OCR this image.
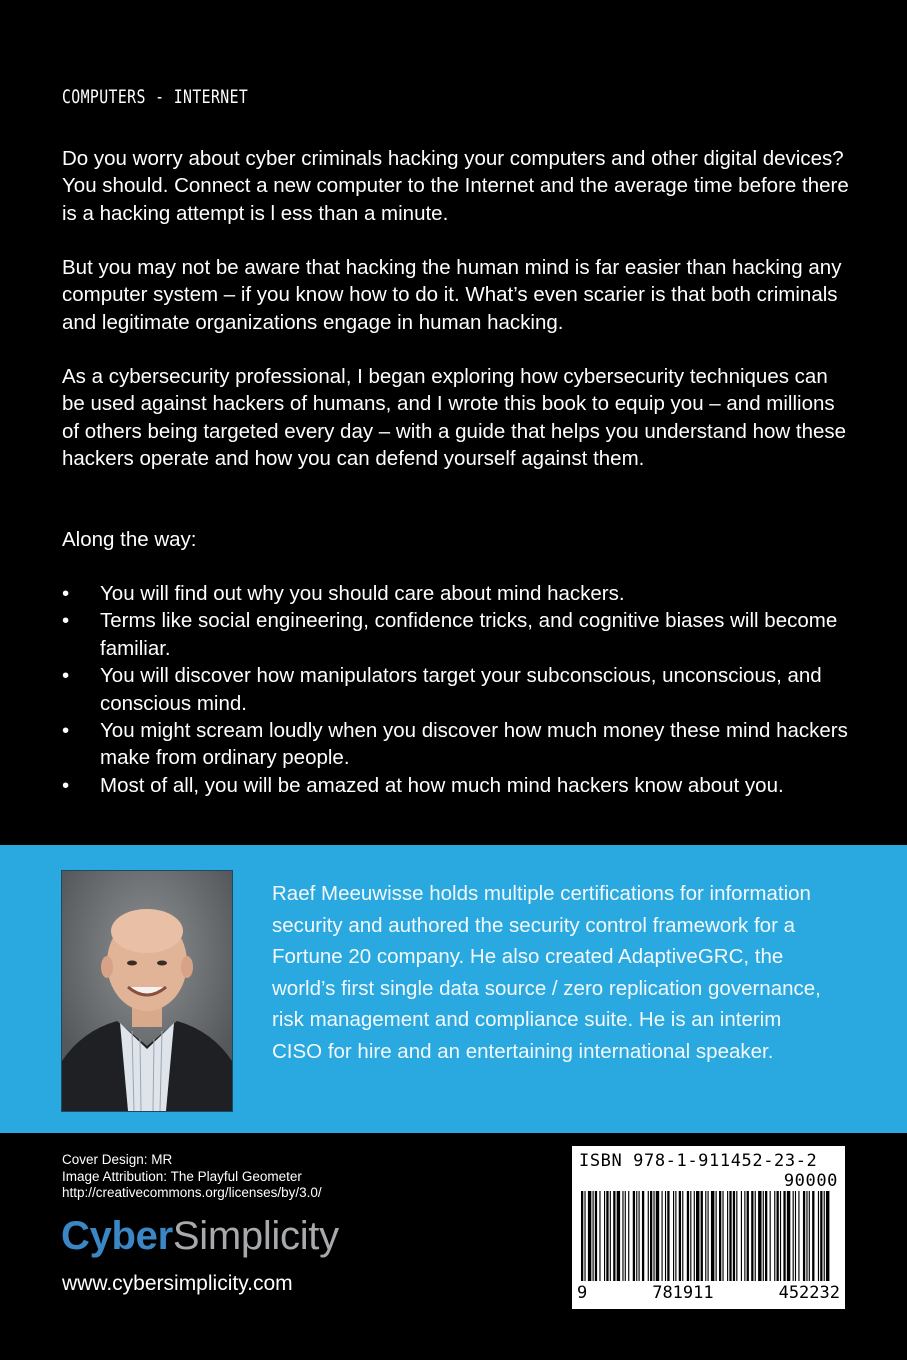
COMPUTERS - INTERNET

Do you worry about cyber criminals hacking your computers and other digital devices? You should. Connect a new computer to the Internet and the average time before there is a hacking attempt is l ess than a minute.

But you may not be aware that hacking the human mind is far easier than hacking any computer system – if you know how to do it. What’s even scarier is that both criminals and legitimate organizations engage in human hacking.

As a cybersecurity professional, I began exploring how cybersecurity techniques can be used against hackers of humans, and I wrote this book to equip you – and millions of others being targeted every day – with a guide that helps you understand how these hackers operate and how you can defend yourself against them.

Along the way:

• You will find out why you should care about mind hackers.
• Terms like social engineering, confidence tricks, and cognitive biases will become familiar.
• You will discover how manipulators target your subconscious, unconscious, and conscious mind.
• You might scream loudly when you discover how much money these mind hackers make from ordinary people.
• Most of all, you will be amazed at how much mind hackers know about you.

Raef Meeuwisse holds multiple certifications for information security and authored the security control framework for a Fortune 20 company. He also created AdaptiveGRC, the world’s first single data source / zero replication governance, risk management and compliance suite. He is an interim CISO for hire and an entertaining international speaker.

Cover Design: MR
Image Attribution: The Playful Geometer
http://creativecommons.org/licenses/by/3.0/
CyberSimplicity
www.cybersimplicity.com
ISBN 978-1-911452-23-2
90000
9	781911	452232
